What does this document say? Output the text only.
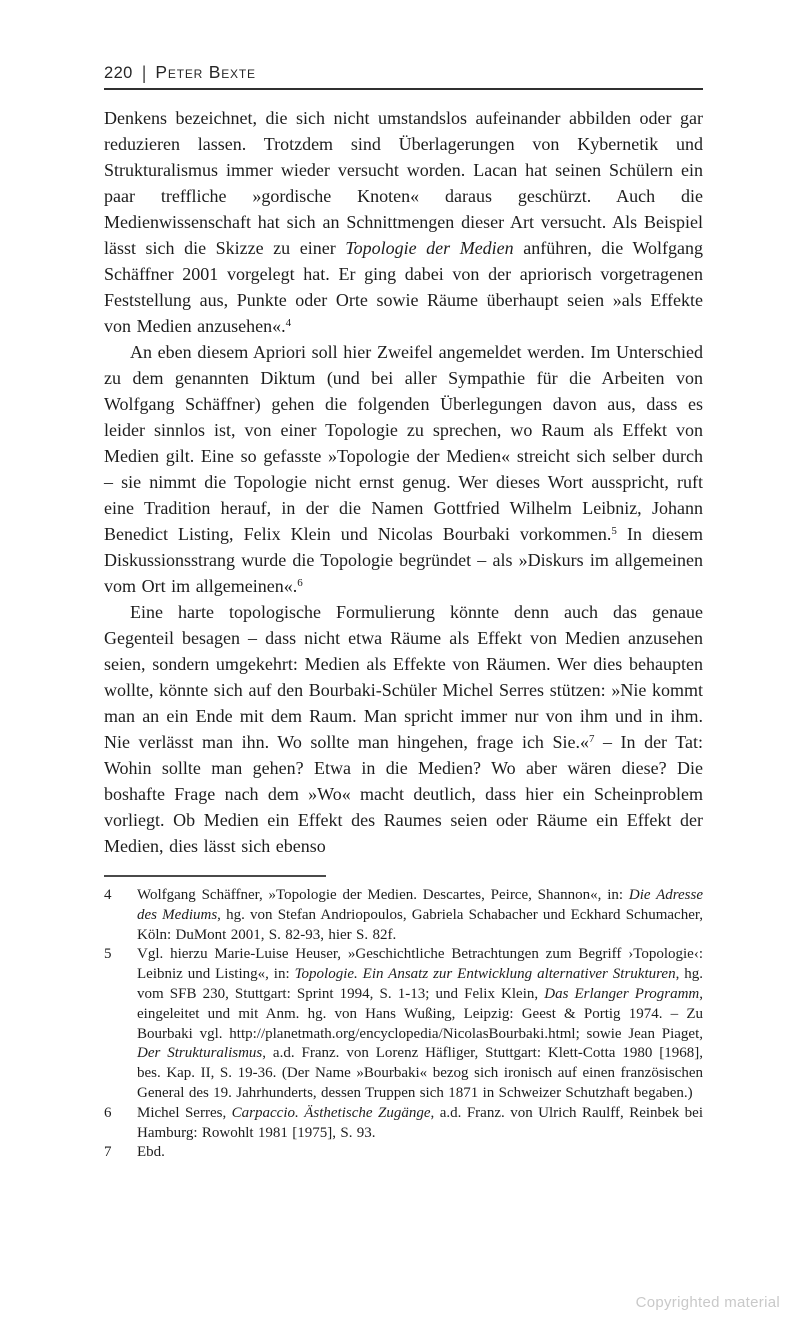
220 | Peter Bexte

Denkens bezeichnet, die sich nicht umstandslos aufeinander abbilden oder gar reduzieren lassen. Trotzdem sind Überlagerungen von Kybernetik und Strukturalismus immer wieder versucht worden. Lacan hat seinen Schülern ein paar treffliche »gordische Knoten« daraus geschürzt. Auch die Medienwissenschaft hat sich an Schnittmengen dieser Art versucht. Als Beispiel lässt sich die Skizze zu einer Topologie der Medien anführen, die Wolfgang Schäffner 2001 vorgelegt hat. Er ging dabei von der apriorisch vorgetragenen Feststellung aus, Punkte oder Orte sowie Räume überhaupt seien »als Effekte von Medien anzusehen«.$^4$

An eben diesem Apriori soll hier Zweifel angemeldet werden. Im Unterschied zu dem genannten Diktum (und bei aller Sympathie für die Arbeiten von Wolfgang Schäffner) gehen die folgenden Überlegungen davon aus, dass es leider sinnlos ist, von einer Topologie zu sprechen, wo Raum als Effekt von Medien gilt. Eine so gefasste »Topologie der Medien« streicht sich selber durch – sie nimmt die Topologie nicht ernst genug. Wer dieses Wort ausspricht, ruft eine Tradition herauf, in der die Namen Gottfried Wilhelm Leibniz, Johann Benedict Listing, Felix Klein und Nicolas Bourbaki vorkommen.$^5$ In diesem Diskussionsstrang wurde die Topologie begründet – als »Diskurs im allgemeinen vom Ort im allgemeinen«.$^6$

Eine harte topologische Formulierung könnte denn auch das genaue Gegenteil besagen – dass nicht etwa Räume als Effekt von Medien anzusehen seien, sondern umgekehrt: Medien als Effekte von Räumen. Wer dies behaupten wollte, könnte sich auf den Bourbaki-Schüler Michel Serres stützen: »Nie kommt man an ein Ende mit dem Raum. Man spricht immer nur von ihm und in ihm. Nie verlässt man ihn. Wo sollte man hingehen, frage ich Sie.«$^7$ – In der Tat: Wohin sollte man gehen? Etwa in die Medien? Wo aber wären diese? Die boshafte Frage nach dem »Wo« macht deutlich, dass hier ein Scheinproblem vorliegt. Ob Medien ein Effekt des Raumes seien oder Räume ein Effekt der Medien, dies lässt sich ebenso

4	Wolfgang Schäffner, »Topologie der Medien. Descartes, Peirce, Shannon«, in: Die Adresse des Mediums, hg. von Stefan Andriopoulos, Gabriela Schabacher und Eckhard Schumacher, Köln: DuMont 2001, S. 82-93, hier S. 82f.
5	Vgl. hierzu Marie-Luise Heuser, »Geschichtliche Betrachtungen zum Begriff ›Topologie‹: Leibniz und Listing«, in: Topologie. Ein Ansatz zur Entwicklung alternativer Strukturen, hg. vom SFB 230, Stuttgart: Sprint 1994, S. 1-13; und Felix Klein, Das Erlanger Programm, eingeleitet und mit Anm. hg. von Hans Wußing, Leipzig: Geest & Portig 1974. – Zu Bourbaki vgl. http://planetmath.org/encyclopedia/NicolasBourbaki.html; sowie Jean Piaget, Der Strukturalismus, a.d. Franz. von Lorenz Häfliger, Stuttgart: Klett-Cotta 1980 [1968], bes. Kap. II, S. 19-36. (Der Name »Bourbaki« bezog sich ironisch auf einen französischen General des 19. Jahrhunderts, dessen Truppen sich 1871 in Schweizer Schutzhaft begaben.)
6	Michel Serres, Carpaccio. Ästhetische Zugänge, a.d. Franz. von Ulrich Raulff, Reinbek bei Hamburg: Rowohlt 1981 [1975], S. 93.
7	Ebd.
Copyrighted material
